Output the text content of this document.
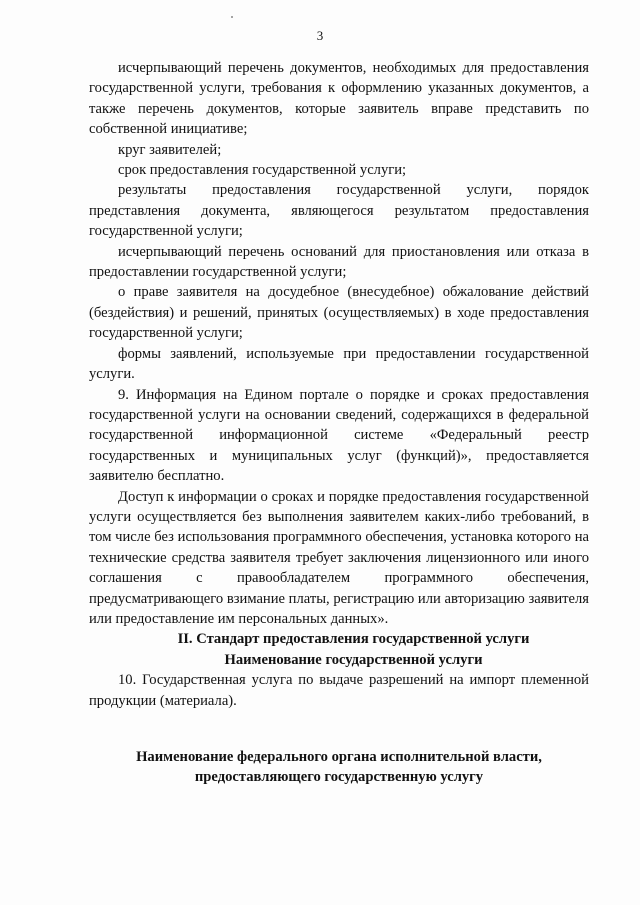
3

исчерпывающий перечень документов, необходимых для предоставления государственной услуги, требования к оформлению указанных документов, а также перечень документов, которые заявитель вправе представить по собственной инициативе;

круг заявителей;

срок предоставления государственной услуги;

результаты предоставления государственной услуги, порядок представления документа, являющегося результатом предоставления государственной услуги;

исчерпывающий перечень оснований для приостановления или отказа в предоставлении государственной услуги;

о праве заявителя на досудебное (внесудебное) обжалование действий (бездействия) и решений, принятых (осуществляемых) в ходе предоставления государственной услуги;

формы заявлений, используемые при предоставлении государственной услуги.

9. Информация на Едином портале о порядке и сроках предоставления государственной услуги на основании сведений, содержащихся в федеральной государственной информационной системе «Федеральный реестр государственных и муниципальных услуг (функций)», предоставляется заявителю бесплатно.

Доступ к информации о сроках и порядке предоставления государственной услуги осуществляется без выполнения заявителем каких-либо требований, в том числе без использования программного обеспечения, установка которого на технические средства заявителя требует заключения лицензионного или иного соглашения с правообладателем программного обеспечения, предусматривающего взимание платы, регистрацию или авторизацию заявителя или предоставление им персональных данных».

II. Стандарт предоставления государственной услуги

Наименование государственной услуги

10. Государственная услуга по выдаче разрешений на импорт племенной продукции (материала).

Наименование федерального органа исполнительной власти,
предоставляющего государственную услугу
